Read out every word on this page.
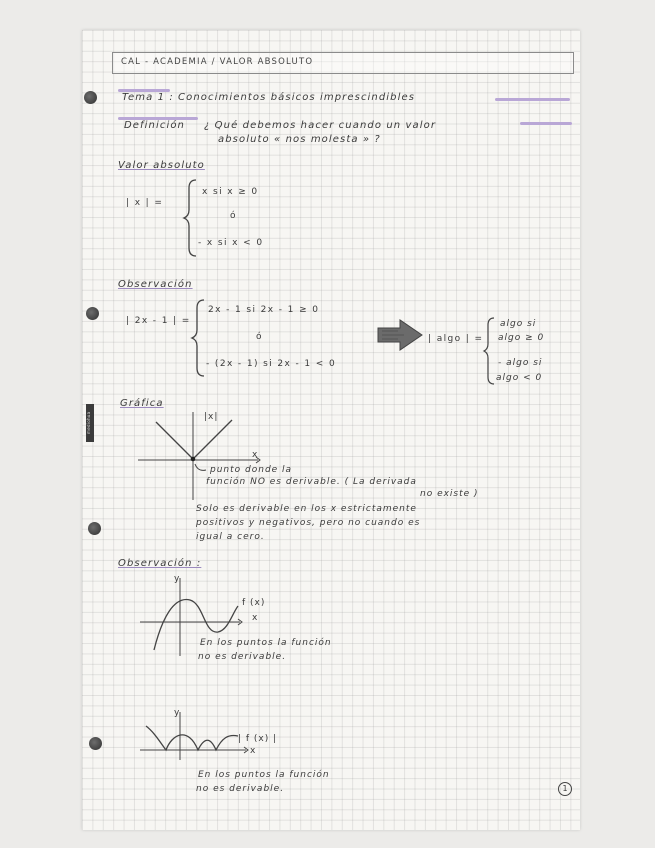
mediohua
CAL - ACADEMIA / VALOR ABSOLUTO
Tema 1 : Conocimientos básicos imprescindibles
Definición ¿ Qué debemos hacer cuando un valor
absoluto « nos molesta » ?
Valor absoluto
| x | =
x si x ≥ 0
ó
- x si x < 0
Observación
| 2x - 1 | =
2x - 1 si 2x - 1 ≥ 0
ó
- (2x - 1) si 2x - 1 < 0
| algo | =
algo si
algo ≥ 0
- algo si
algo < 0
Gráfica
|x|
x
punto donde la
función NO es derivable. ( La derivada
no existe )
Solo es derivable en los x estrictamente
positivos y negativos, pero no cuando es
igual a cero.
Observación :
y
f (x)
x
En los puntos la función
no es derivable.
y
| f (x) |
x
En los puntos la función
no es derivable.	1
